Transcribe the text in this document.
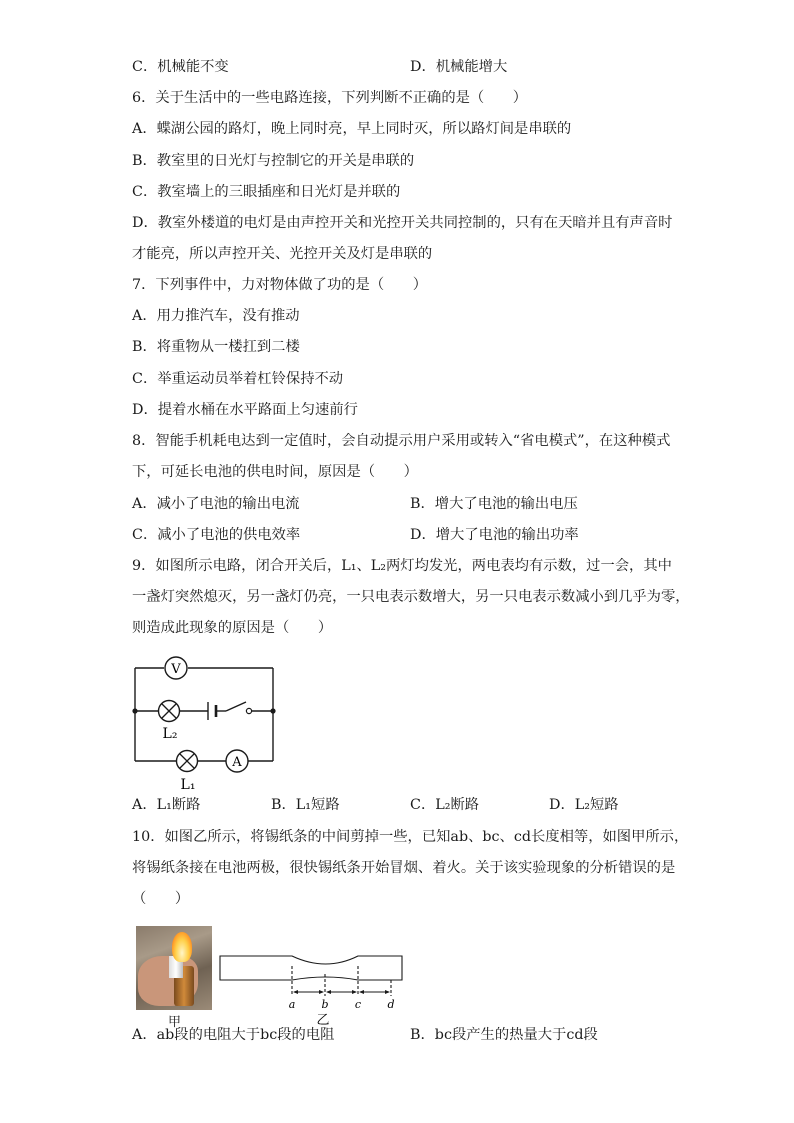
C．机械能不变	D．机械能增大
6．关于生活中的一些电路连接，下列判断不正确的是（　　）
A．蝶湖公园的路灯，晚上同时亮，早上同时灭，所以路灯间是串联的
B．教室里的日光灯与控制它的开关是串联的
C．教室墙上的三眼插座和日光灯是并联的
D．教室外楼道的电灯是由声控开关和光控开关共同控制的，只有在天暗并且有声音时
才能亮，所以声控开关、光控开关及灯是串联的
7．下列事件中，力对物体做了功的是（　　）
A．用力推汽车，没有推动
B．将重物从一楼扛到二楼
C．举重运动员举着杠铃保持不动
D．提着水桶在水平路面上匀速前行
8．智能手机耗电达到一定值时，会自动提示用户采用或转入“省电模式”，在这种模式
下，可延长电池的供电时间，原因是（　　）
A．减小了电池的输出电流	B．增大了电池的输出电压
C．减小了电池的供电效率	D．增大了电池的输出功率
9．如图所示电路，闭合开关后，L₁、L₂两灯均发光，两电表均有示数，过一会，其中
一盏灯突然熄灭，另一盏灯仍亮，一只电表示数增大，另一只电表示数减小到几乎为零，
则造成此现象的原因是（　　）
A．L₁断路	B．L₁短路	C．L₂断路	D．L₂短路
10．如图乙所示，将锡纸条的中间剪掉一些，已知ab、bc、cd长度相等，如图甲所示，
将锡纸条接在电池两极，很快锡纸条开始冒烟、着火。关于该实验现象的分析错误的是
（　　）
A．ab段的电阻大于bc段的电阻	B．bc段产生的热量大于cd段
V
L₂
A
L₁
甲
a b c d
乙
